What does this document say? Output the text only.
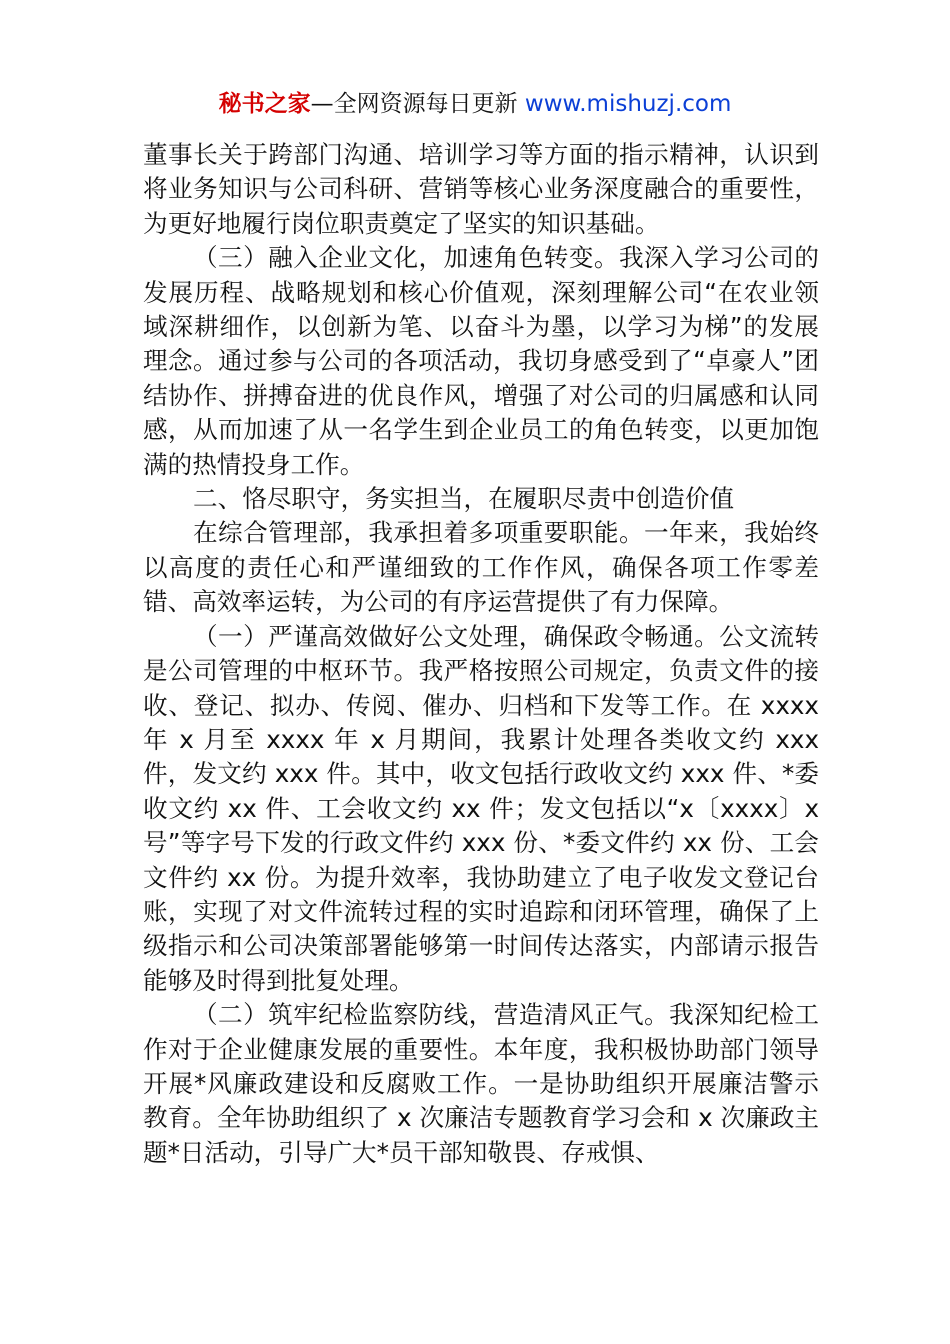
秘书之家—全网资源每日更新 www.mishuzj.com

董事长关于跨部门沟通、培训学习等方面的指示精神，认识到将业务知识与公司科研、营销等核心业务深度融合的重要性，为更好地履行岗位职责奠定了坚实的知识基础。

（三）融入企业文化，加速角色转变。我深入学习公司的发展历程、战略规划和核心价值观，深刻理解公司“在农业领域深耕细作，以创新为笔、以奋斗为墨，以学习为梯”的发展理念。通过参与公司的各项活动，我切身感受到了“卓豪人”团结协作、拼搏奋进的优良作风，增强了对公司的归属感和认同感，从而加速了从一名学生到企业员工的角色转变，以更加饱满的热情投身工作。

二、恪尽职守，务实担当，在履职尽责中创造价值

在综合管理部，我承担着多项重要职能。一年来，我始终以高度的责任心和严谨细致的工作作风，确保各项工作零差错、高效率运转，为公司的有序运营提供了有力保障。

（一）严谨高效做好公文处理，确保政令畅通。公文流转是公司管理的中枢环节。我严格按照公司规定，负责文件的接收、登记、拟办、传阅、催办、归档和下发等工作。在 xxxx 年 x 月至 xxxx 年 x 月期间，我累计处理各类收文约 xxx 件，发文约 xxx 件。其中，收文包括行政收文约 xxx 件、*委收文约 xx 件、工会收文约 xx 件；发文包括以“x〔xxxx〕x 号”等字号下发的行政文件约 xxx 份、*委文件约 xx 份、工会文件约 xx 份。为提升效率，我协助建立了电子收发文登记台账，实现了对文件流转过程的实时追踪和闭环管理，确保了上级指示和公司决策部署能够第一时间传达落实，内部请示报告能够及时得到批复处理。

（二）筑牢纪检监察防线，营造清风正气。我深知纪检工作对于企业健康发展的重要性。本年度，我积极协助部门领导开展*风廉政建设和反腐败工作。一是协助组织开展廉洁警示教育。全年协助组织了 x 次廉洁专题教育学习会和 x 次廉政主题*日活动，引导广大*员干部知敬畏、存戒惧、
